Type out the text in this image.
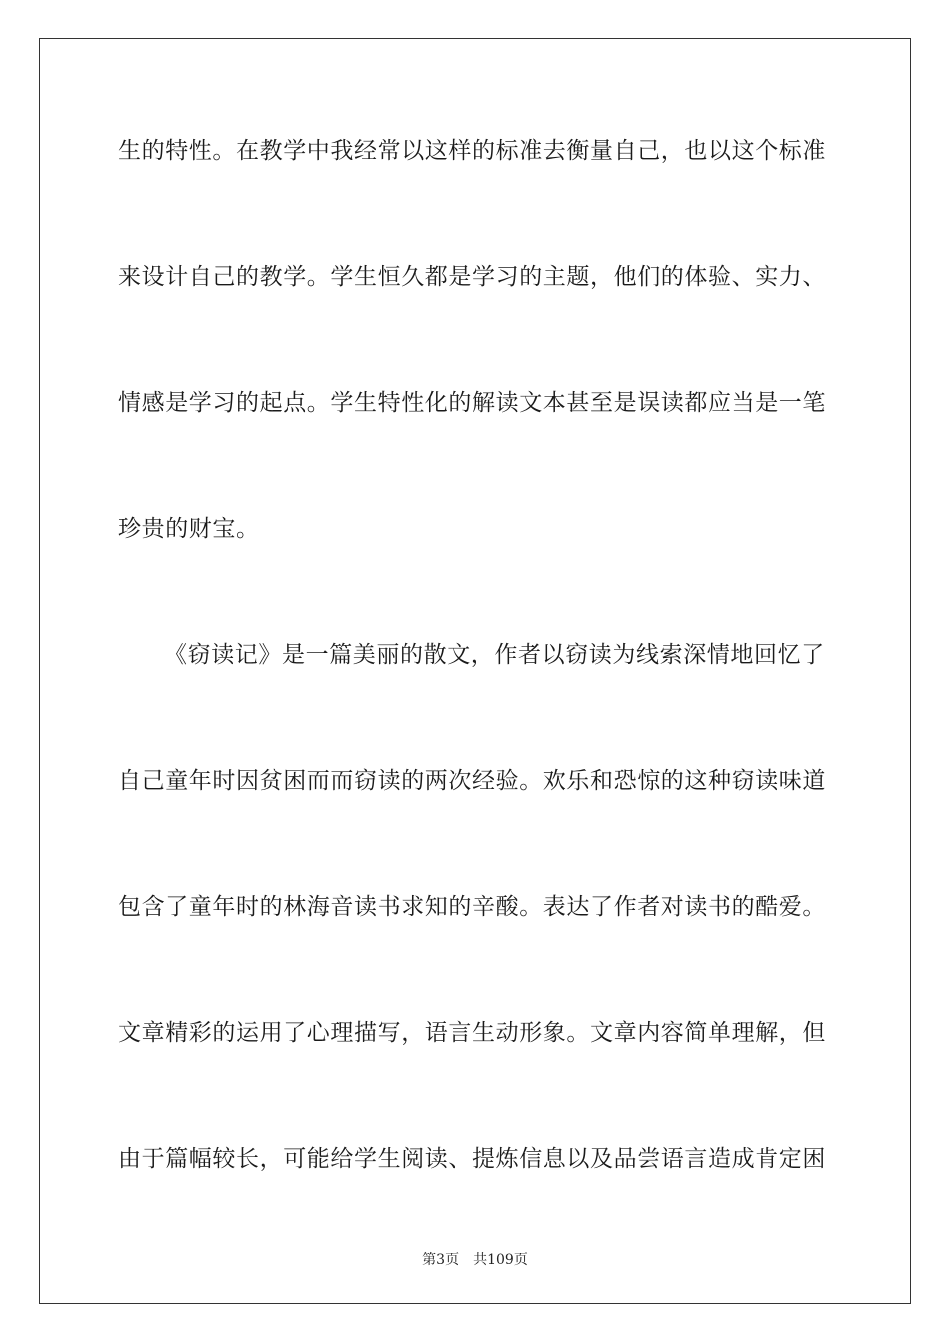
生的特性。在教学中我经常以这样的标准去衡量自己，也以这个标准
来设计自己的教学。学生恒久都是学习的主题，他们的体验、实力、
情感是学习的起点。学生特性化的解读文本甚至是误读都应当是一笔
珍贵的财宝。
《窃读记》是一篇美丽的散文，作者以窃读为线索深情地回忆了
自己童年时因贫困而而窃读的两次经验。欢乐和恐惊的这种窃读味道
包含了童年时的林海音读书求知的辛酸。表达了作者对读书的酷爱。
文章精彩的运用了心理描写，语言生动形象。文章内容简单理解，但
由于篇幅较长，可能给学生阅读、提炼信息以及品尝语言造成肯定困
第3页 共109页
